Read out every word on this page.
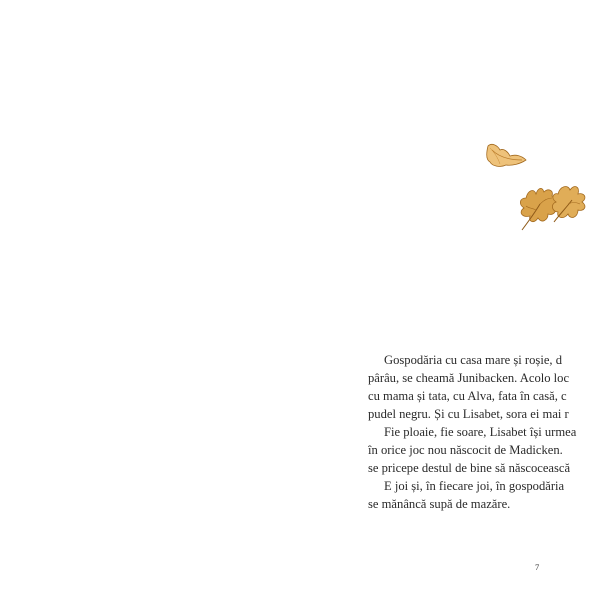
Gospodăria cu casa mare și roșie, d
pârâu, se cheamă Junibacken. Acolo loc
cu mama și tata, cu Alva, fata în casă, c
pudel negru. Și cu Lisabet, sora ei mai r
Fie ploaie, fie soare, Lisabet își urmea
în orice joc nou născocit de Madicken.
se pricepe destul de bine să născocească
E joi și, în fiecare joi, în gospodăria
se mănâncă supă de mazăre.
7
